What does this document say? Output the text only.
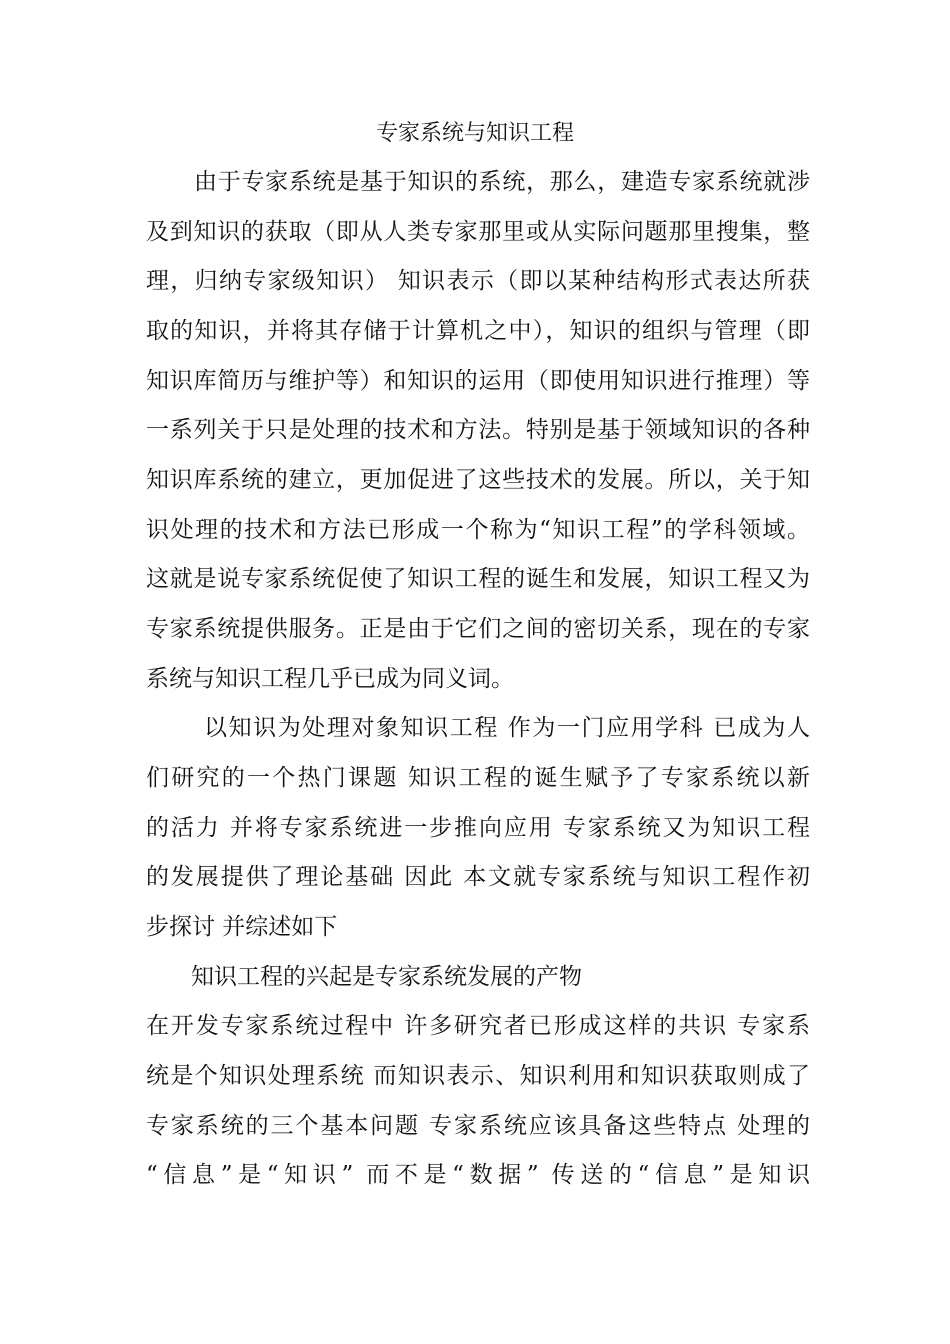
专家系统与知识工程
由于专家系统是基于知识的系统，那么，建造专家系统就涉
及到知识的获取（即从人类专家那里或从实际问题那里搜集，整
理，归纳专家级知识） 知识表示（即以某种结构形式表达所获
取的知识，并将其存储于计算机之中），知识的组织与管理（即
知识库简历与维护等）和知识的运用（即使用知识进行推理）等
一系列关于只是处理的技术和方法。特别是基于领域知识的各种
知识库系统的建立，更加促进了这些技术的发展。所以，关于知
识处理的技术和方法已形成一个称为“知识工程”的学科领域。
这就是说专家系统促使了知识工程的诞生和发展，知识工程又为
专家系统提供服务。正是由于它们之间的密切关系，现在的专家
系统与知识工程几乎已成为同义词。
以知识为处理对象知识工程 作为一门应用学科 已成为人
们研究的一个热门课题 知识工程的诞生赋予了专家系统以新
的活力 并将专家系统进一步推向应用 专家系统又为知识工程
的发展提供了理论基础 因此 本文就专家系统与知识工程作初
步探讨 并综述如下
知识工程的兴起是专家系统发展的产物
在开发专家系统过程中 许多研究者已形成这样的共识 专家系
统是个知识处理系统 而知识表示、知识利用和知识获取则成了
专家系统的三个基本问题 专家系统应该具备这些特点 处理的
“信息”是“知识” 而不是“数据” 传送的“信息”是知识
